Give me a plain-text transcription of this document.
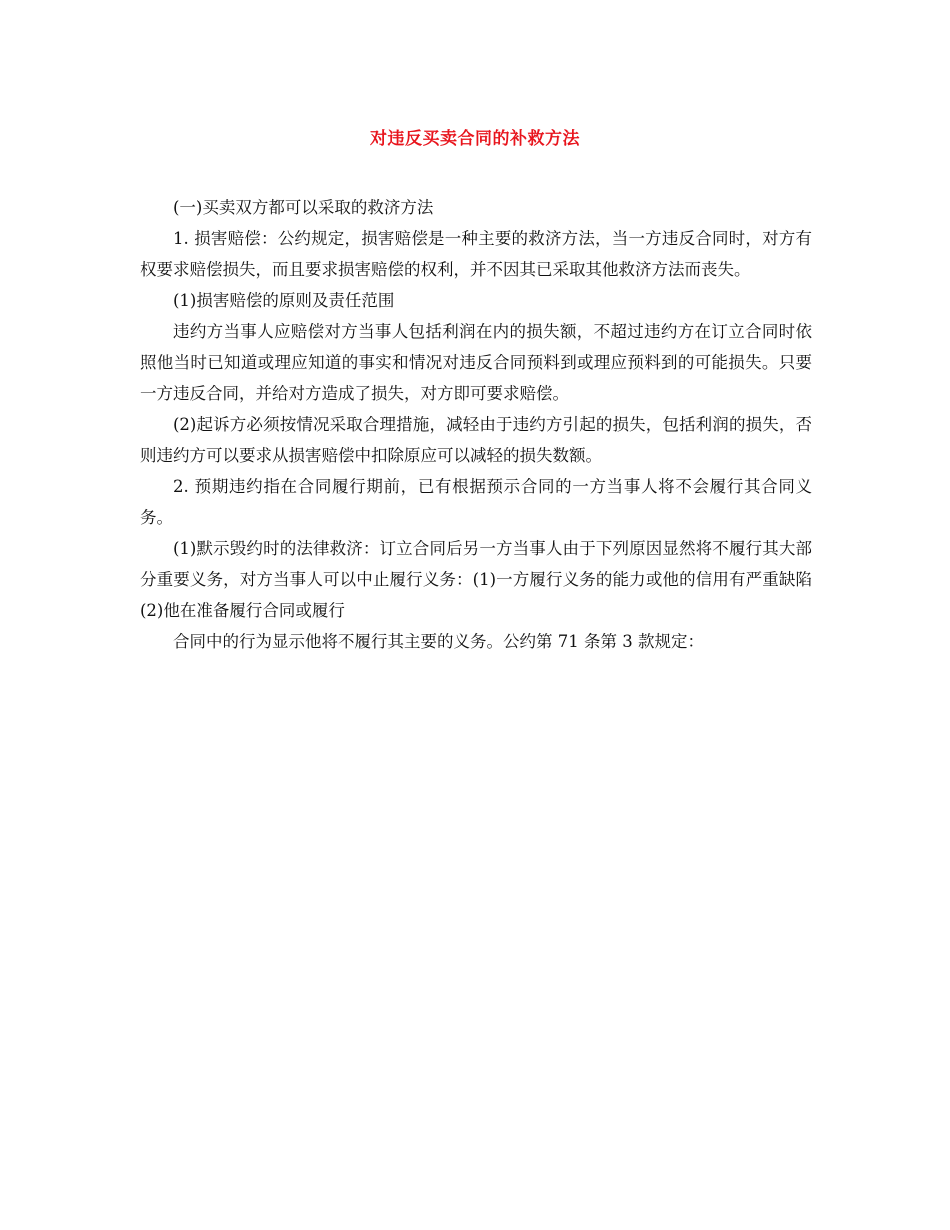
对违反买卖合同的补救方法

(一)买卖双方都可以采取的救济方法

1. 损害赔偿：公约规定，损害赔偿是一种主要的救济方法，当一方违反合同时，对方有权要求赔偿损失，而且要求损害赔偿的权利，并不因其已采取其他救济方法而丧失。

(1)损害赔偿的原则及责任范围

违约方当事人应赔偿对方当事人包括利润在内的损失额，不超过违约方在订立合同时依照他当时已知道或理应知道的事实和情况对违反合同预料到或理应预料到的可能损失。只要一方违反合同，并给对方造成了损失，对方即可要求赔偿。

(2)起诉方必须按情况采取合理措施，减轻由于违约方引起的损失，包括利润的损失，否则违约方可以要求从损害赔偿中扣除原应可以减轻的损失数额。

2. 预期违约指在合同履行期前，已有根据预示合同的一方当事人将不会履行其合同义务。

(1)默示毁约时的法律救济：订立合同后另一方当事人由于下列原因显然将不履行其大部分重要义务，对方当事人可以中止履行义务：(1)一方履行义务的能力或他的信用有严重缺陷(2)他在准备履行合同或履行

合同中的行为显示他将不履行其主要的义务。公约第 71 条第 3 款规定：
